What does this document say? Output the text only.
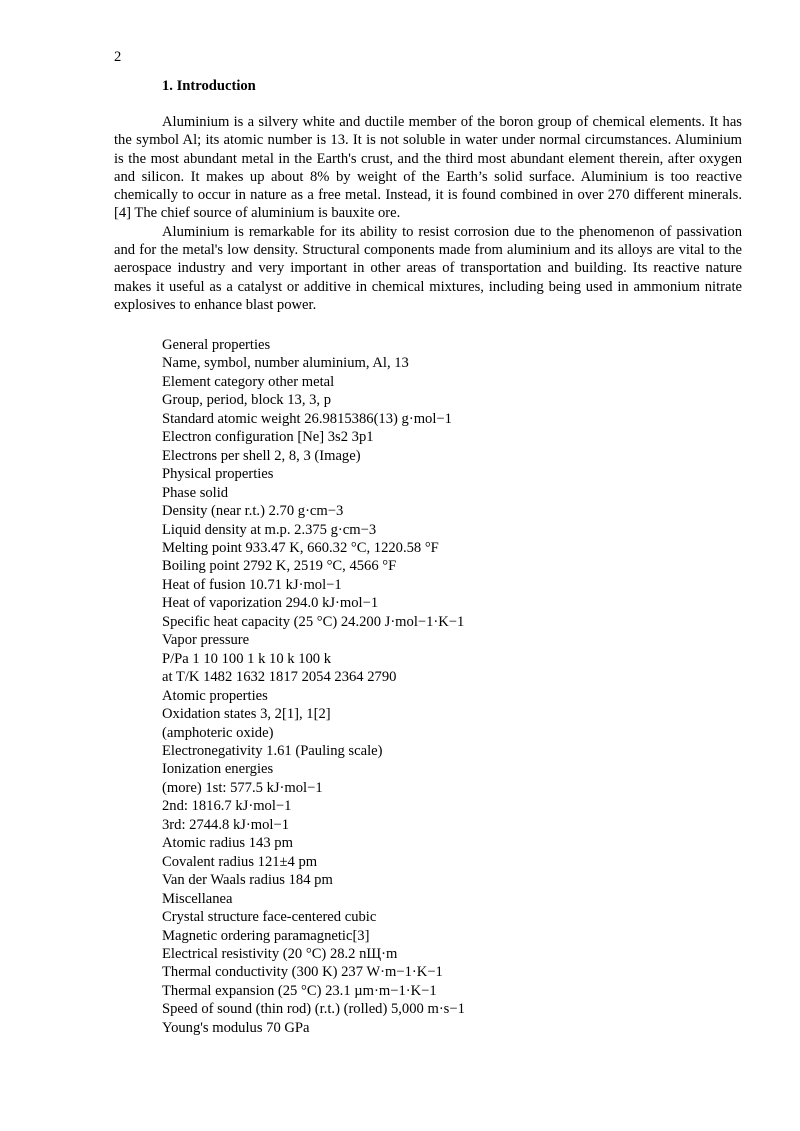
2
1. Introduction

Aluminium is a silvery white and ductile member of the boron group of chemical elements. It has the symbol Al; its atomic number is 13. It is not soluble in water under normal circumstances. Aluminium is the most abundant metal in the Earth's crust, and the third most abundant element therein, after oxygen and silicon. It makes up about 8% by weight of the Earth’s solid surface. Aluminium is too reactive chemically to occur in nature as a free metal. Instead, it is found combined in over 270 different minerals.[4] The chief source of aluminium is bauxite ore.

Aluminium is remarkable for its ability to resist corrosion due to the phenomenon of passivation and for the metal's low density. Structural components made from aluminium and its alloys are vital to the aerospace industry and very important in other areas of transportation and building. Its reactive nature makes it useful as a catalyst or additive in chemical mixtures, including being used in ammonium nitrate explosives to enhance blast power.

General properties
Name, symbol, number aluminium, Al, 13
Element category other metal
Group, period, block 13, 3, p
Standard atomic weight 26.9815386(13) g·mol−1
Electron configuration [Ne] 3s2 3p1
Electrons per shell 2, 8, 3 (Image)
Physical properties
Phase solid
Density (near r.t.) 2.70 g·cm−3
Liquid density at m.p. 2.375 g·cm−3
Melting point 933.47 K, 660.32 °C, 1220.58 °F
Boiling point 2792 K, 2519 °C, 4566 °F
Heat of fusion 10.71 kJ·mol−1
Heat of vaporization 294.0 kJ·mol−1
Specific heat capacity (25 °C) 24.200 J·mol−1·K−1
Vapor pressure
P/Pa 1 10 100 1 k 10 k 100 k
at T/K 1482 1632 1817 2054 2364 2790
Atomic properties
Oxidation states 3, 2[1], 1[2]
(amphoteric oxide)
Electronegativity 1.61 (Pauling scale)
Ionization energies
(more) 1st: 577.5 kJ·mol−1
2nd: 1816.7 kJ·mol−1
3rd: 2744.8 kJ·mol−1
Atomic radius 143 pm
Covalent radius 121±4 pm
Van der Waals radius 184 pm
Miscellanea
Crystal structure face-centered cubic
Magnetic ordering paramagnetic[3]
Electrical resistivity (20 °C) 28.2 nЩ·m
Thermal conductivity (300 K) 237 W·m−1·K−1
Thermal expansion (25 °C) 23.1 µm·m−1·K−1
Speed of sound (thin rod) (r.t.) (rolled) 5,000 m·s−1
Young's modulus 70 GPa
